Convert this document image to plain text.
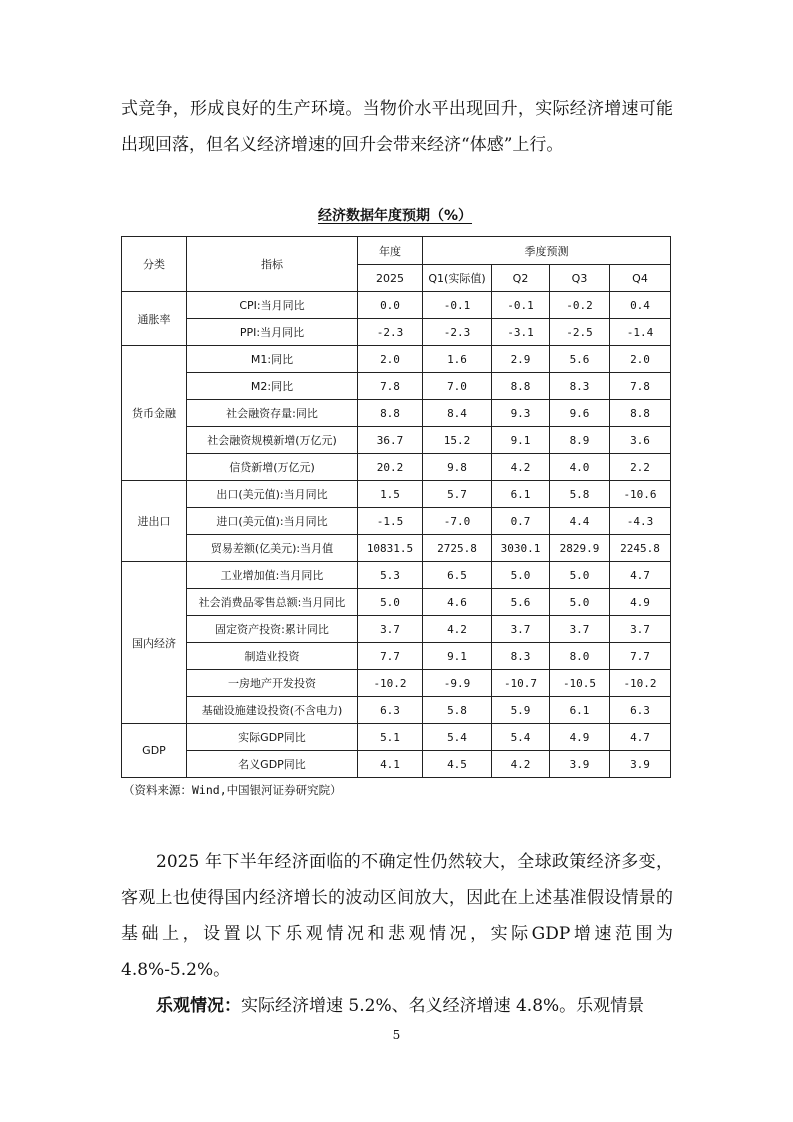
式竞争，形成良好的生产环境。当物价水平出现回升，实际经济增速可能出现回落，但名义经济增速的回升会带来经济“体感”上行。

经济数据年度预期（%）
分类	指标	年度	季度预测			
		2025	Q1(实际值)	Q2	Q3	Q4
通胀率	CPI:当月同比	0.0	-0.1	-0.1	-0.2	0.4
	PPI:当月同比	-2.3	-2.3	-3.1	-2.5	-1.4
货币金融	M1:同比	2.0	1.6	2.9	5.6	2.0
	M2:同比	7.8	7.0	8.8	8.3	7.8
	社会融资存量:同比	8.8	8.4	9.3	9.6	8.8
	社会融资规模新增(万亿元)	36.7	15.2	9.1	8.9	3.6
	信贷新增(万亿元)	20.2	9.8	4.2	4.0	2.2
进出口	出口(美元值):当月同比	1.5	5.7	6.1	5.8	-10.6
	进口(美元值):当月同比	-1.5	-7.0	0.7	4.4	-4.3
	贸易差额(亿美元):当月值	10831.5	2725.8	3030.1	2829.9	2245.8
国内经济	工业增加值:当月同比	5.3	6.5	5.0	5.0	4.7
	社会消费品零售总额:当月同比	5.0	4.6	5.6	5.0	4.9
	固定资产投资:累计同比	3.7	4.2	3.7	3.7	3.7
	制造业投资	7.7	9.1	8.3	8.0	7.7
	一房地产开发投资	-10.2	-9.9	-10.7	-10.5	-10.2
	基础设施建设投资(不含电力)	6.3	5.8	5.9	6.1	6.3
GDP	实际GDP同比	5.1	5.4	5.4	4.9	4.7
	名义GDP同比	4.1	4.5	4.2	3.9	3.9
（资料来源：Wind,中国银河证券研究院）

2025 年下半年经济面临的不确定性仍然较大，全球政策经济多变，客观上也使得国内经济增长的波动区间放大，因此在上述基准假设情景的基础上，设置以下乐观情况和悲观情况，实际GDP增速范围为 4.8%-5.2%。

乐观情况：实际经济增速 5.2%、名义经济增速 4.8%。乐观情景

5
